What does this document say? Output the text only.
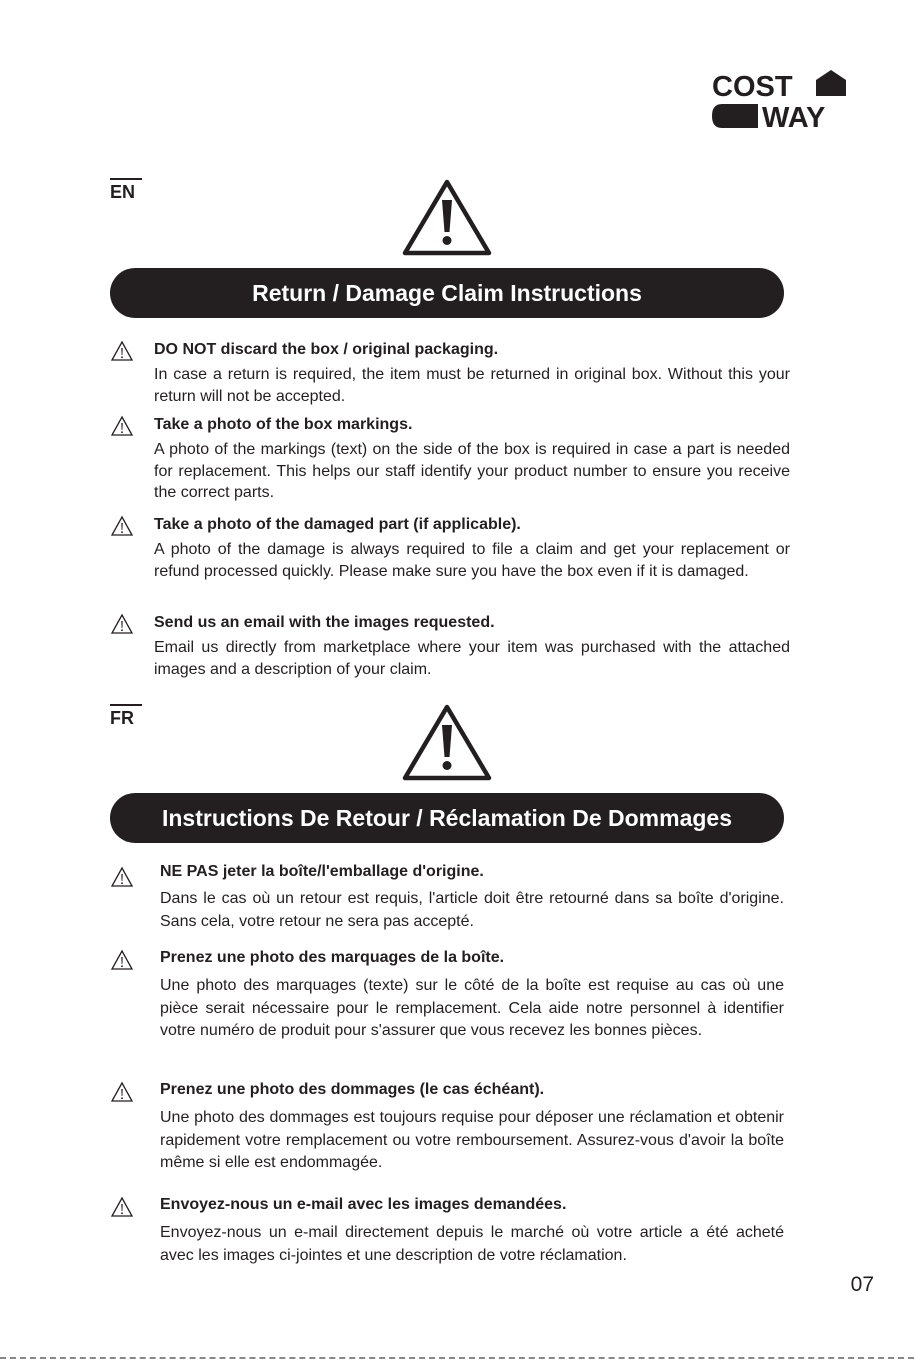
COST
WAY
EN
Return / Damage Claim Instructions
DO NOT discard the box / original packaging.
In case a return is required, the item must be returned in original box. Without this your return will not be accepted.
Take a photo of the box markings.
A photo of the markings (text) on the side of the box is required in case a part is needed for replacement. This helps our staff identify your product number to ensure you receive the correct parts.
Take a photo of the damaged part (if applicable).
A photo of the damage is always required to file a claim and get your replacement or refund processed quickly. Please make sure you have the box even if it is damaged.
Send us an email with the images requested.
Email us directly from marketplace where your item was purchased with the attached images and a description of your claim.
FR
Instructions De Retour / Réclamation De Dommages
NE PAS jeter la boîte/l'emballage d'origine.
Dans le cas où un retour est requis, l'article doit être retourné dans sa boîte d'origine. Sans cela, votre retour ne sera pas accepté.
Prenez une photo des marquages de la boîte.
Une photo des marquages (texte) sur le côté de la boîte est requise au cas où une pièce serait nécessaire pour le remplacement. Cela aide notre personnel à identifier votre numéro de produit pour s'assurer que vous recevez les bonnes pièces.
Prenez une photo des dommages (le cas échéant).
Une photo des dommages est toujours requise pour déposer une réclamation et obtenir rapidement votre remplacement ou votre remboursement. Assurez-vous d'avoir la boîte même si elle est endommagée.
Envoyez-nous un e-mail avec les images demandées.
Envoyez-nous un e-mail directement depuis le marché où votre article a été acheté avec les images ci-jointes et une description de votre réclamation.
07
